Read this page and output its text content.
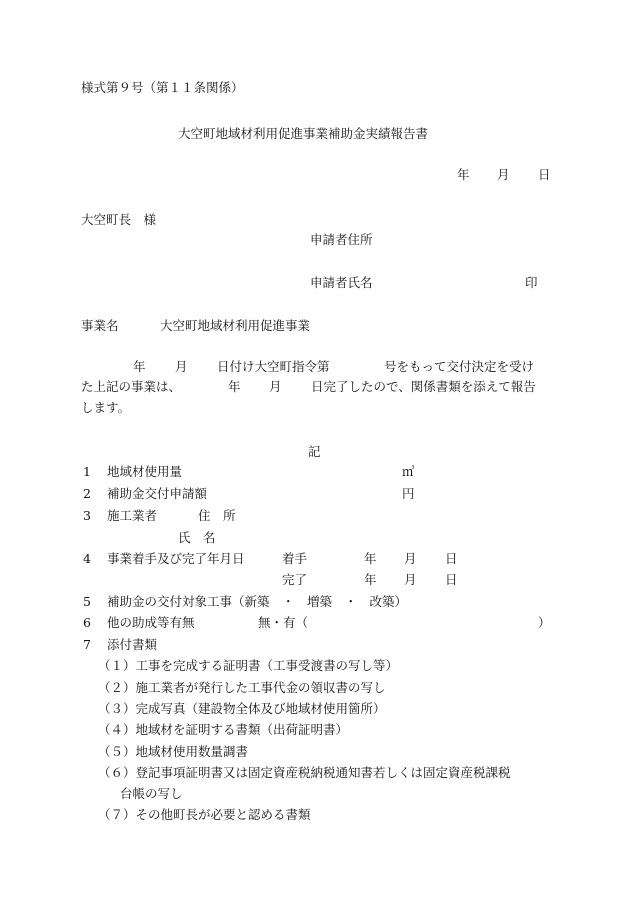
様式第９号（第１１条関係）
大空町地域材利用促進事業補助金実績報告書
年 月 日
大空町長　様
申請者住所
申請者氏名	印
事業名	大空町地域材利用促進事業
年 月 日付け大空町指令第	号をもって交付決定を受け
た上記の事業は、	年 月 日完了したので、関係書類を添えて報告
します。
記
1 地域材使用量	㎥
2 補助金交付申請額	円
3 施工業者	住　所
氏　名
4 事業着手及び完了年月日	着手	年 月 日
完了	年 月 日
5 補助金の交付対象工事（新築　・　増築　・　改築）
6 他の助成等有無	無・有（	）
7 添付書類
（１）工事を完成する証明書（工事受渡書の写し等）
（２）施工業者が発行した工事代金の領収書の写し
（３）完成写真（建設物全体及び地域材使用箇所）
（４）地域材を証明する書類（出荷証明書）
（５）地域材使用数量調書
（６）登記事項証明書又は固定資産税納税通知書若しくは固定資産税課税
台帳の写し
（７）その他町長が必要と認める書類
